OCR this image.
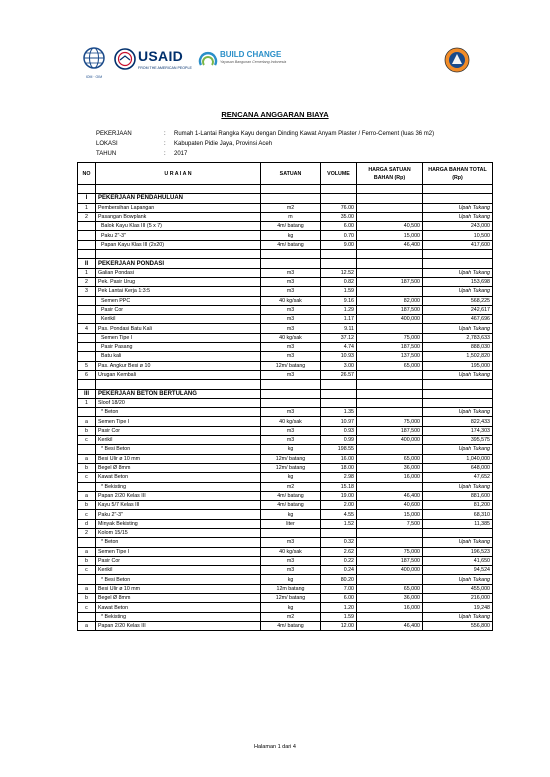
IOM · OIM
USAID
FROM THE AMERICAN PEOPLE
BUILD CHANGE
Yayasan Bangunan Cemerlang Indonesia
RENCANA ANGGARAN BIAYA
PEKERJAAN	: Rumah 1-Lantai Rangka Kayu dengan Dinding Kawat Anyam Plaster / Ferro-Cement (luas 36 m2)
LOKASI	: Kabupaten Pidie Jaya, Provinsi Aceh
TAHUN	: 2017
NO	U R A I A N	SATUAN	VOLUME	HARGA SATUAN BAHAN (Rp)	HARGA BAHAN TOTAL (Rp)

I	PEKERJAAN PENDAHULUAN				
1	Pembersihan Lapangan	m2	76.00		Upah Tukang
2	Pasangan Bowplank	m	35.00		Upah Tukang
	Balok Kayu Klas III (5 x 7)	4m/ batang	6.00	40,500	243,000
	Paku 2"-3"	kg	0.70	15,000	10,500
	Papan Kayu Klas III (2x20)	4m/ batang	9.00	46,400	417,600

II	PEKERJAAN PONDASI				
1	Galian Pondasi	m3	12.52		Upah Tukang
2	Pek. Pasir Urug	m3	0.82	187,500	153,698
3	Pek Lantai Kerja 1:3:5	m3	1.59		Upah Tukang
	Semen PPC	40 kg/sak	9.16	82,000	568,225
	Pasir Cor	m3	1.29	187,500	242,617
	Kerikil	m3	1.17	400,000	467,696
4	Pas. Pondasi Batu Kali	m3	9.11		Upah Tukang
	Semen Tipe I	40 kg/sak	37.12	75,000	2,783,633
	Pasir Pasang	m3	4.74	187,500	888,030
	Batu kali	m3	10.93	137,500	1,502,820
5	Pas. Angkur Besi ø 10	12m/ batang	3.00	65,000	195,000
6	Urugan Kembali	m3	26.57		Upah Tukang

III	PEKERJAAN BETON BERTULANG				
1	Sloof 18/20				
	* Beton	m3	1.35		Upah Tukang
a	Semen Tipe I	40 kg/sak	10.97	75,000	822,433
b	Pasir Cor	m3	0.93	187,500	174,303
c	Kerikil	m3	0.99	400,000	395,575
	* Besi Beton	kg	198.55		Upah Tukang
a	Besi Ulir ø 10 mm	12m/ batang	16.00	65,000	1,040,000
b	Begel Ø 8mm	12m/ batang	18.00	36,000	648,000
c	Kawat Beton	kg	2.98	16,000	47,652
	* Bekisting	m2	15.18		Upah Tukang
a	Papan 2/20 Kelas III	4m/ batang	19.00	46,400	881,600
b	Kayu 5/7 Kelas III	4m/ batang	2.00	40,600	81,200
c	Paku 2"-3"	kg	4.55	15,000	68,310
d	Minyak Bekisting	liter	1.52	7,500	11,385
2	Kolom 15/15				
	* Beton	m3	0.32		Upah Tukang
a	Semen Tipe I	40 kg/sak	2.62	75,000	196,523
b	Pasir Cor	m3	0.22	187,500	41,650
c	Kerikil	m3	0.24	400,000	94,524
	* Besi Beton	kg	80.20		Upah Tukang
a	Besi Ulir ø 10 mm	12m batang	7.00	65,000	455,000
b	Begel Ø 8mm	12m/ batang	6.00	36,000	216,000
c	Kawat Beton	kg	1.20	16,000	19,248
	* Bekisting	m2	1.59		Upah Tukang
a	Papan 2/20 Kelas III	4m/ batang	12.00	46,400	556,800
Halaman 1 dari 4
